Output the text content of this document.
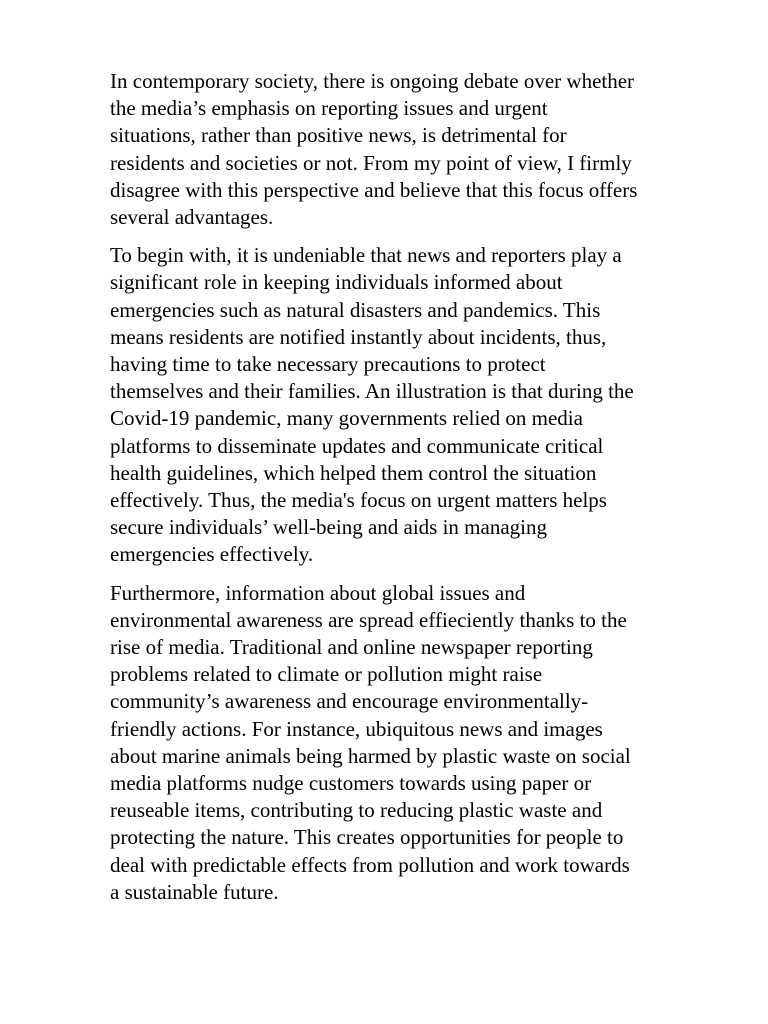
In contemporary society, there is ongoing debate over whether
the media’s emphasis on reporting issues and urgent
situations, rather than positive news, is detrimental for
residents and societies or not. From my point of view, I firmly
disagree with this perspective and believe that this focus offers
several advantages.

To begin with, it is undeniable that news and reporters play a
significant role in keeping individuals informed about
emergencies such as natural disasters and pandemics. This
means residents are notified instantly about incidents, thus,
having time to take necessary precautions to protect
themselves and their families. An illustration is that during the
Covid-19 pandemic, many governments relied on media
platforms to disseminate updates and communicate critical
health guidelines, which helped them control the situation
effectively. Thus, the media's focus on urgent matters helps
secure individuals’ well-being and aids in managing
emergencies effectively.

Furthermore, information about global issues and
environmental awareness are spread effieciently thanks to the
rise of media. Traditional and online newspaper reporting
problems related to climate or pollution might raise
community’s awareness and encourage environmentally-
friendly actions. For instance, ubiquitous news and images
about marine animals being harmed by plastic waste on social
media platforms nudge customers towards using paper or
reuseable items, contributing to reducing plastic waste and
protecting the nature. This creates opportunities for people to
deal with predictable effects from pollution and work towards
a sustainable future.
